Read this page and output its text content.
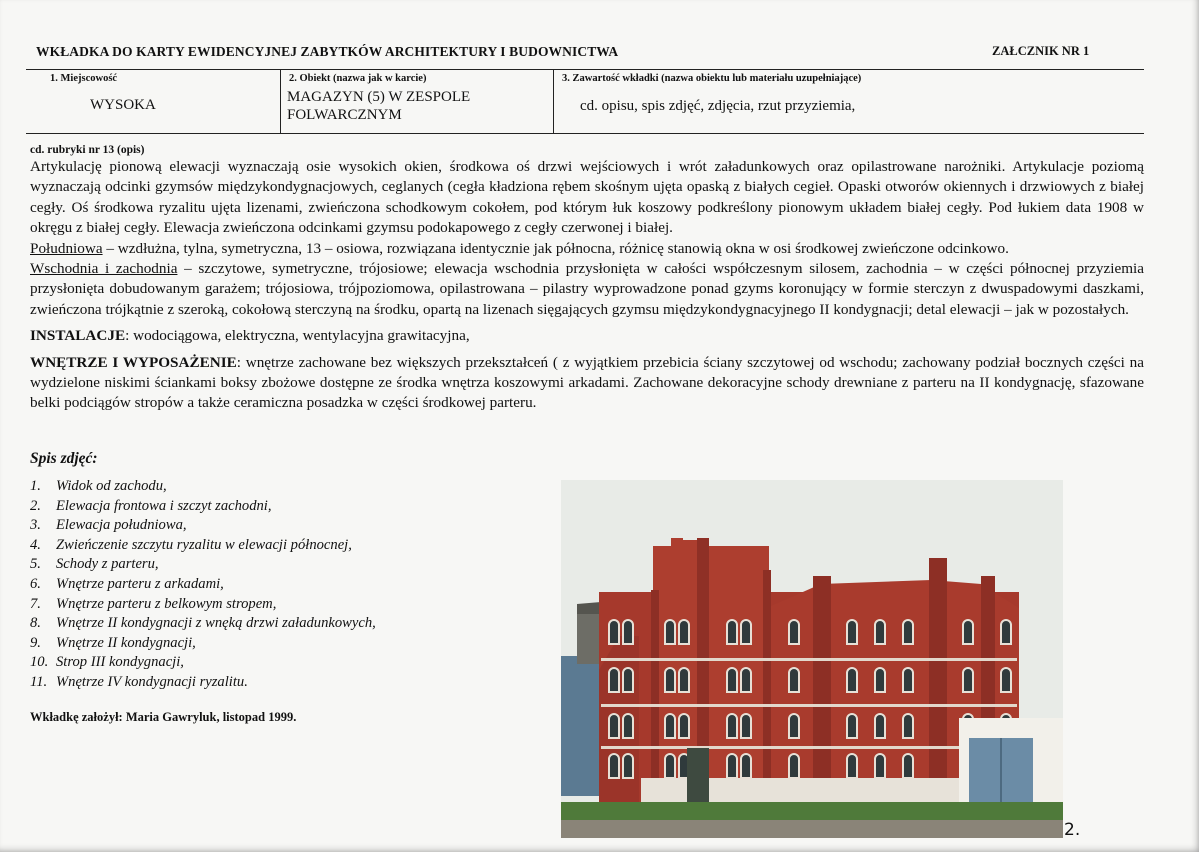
WKŁADKA DO KARTY EWIDENCYJNEJ ZABYTKÓW ARCHITEKTURY I BUDOWNICTWA	ZAŁCZNIK NR 1
1. Miejscowość
WYSOKA
2. Obiekt (nazwa jak w karcie)
MAGAZYN (5) W ZESPOLE FOLWARCZNYM
3. Zawartość wkładki (nazwa obiektu lub materiału uzupełniające)
cd. opisu, spis zdjęć, zdjęcia, rzut przyziemia,
cd. rubryki nr 13 (opis)

Artykulację pionową elewacji wyznaczają osie wysokich okien, środkowa oś drzwi wejściowych i wrót załadunkowych oraz opilastrowane narożniki. Artykulacje poziomą wyznaczają odcinki gzymsów międzykondygnacjowych, ceglanych (cegła kładziona rębem skośnym ujęta opaską z białych cegieł. Opaski otworów okiennych i drzwiowych z białej cegły. Oś środkowa ryzalitu ujęta lizenami, zwieńczona schodkowym cokołem, pod którym łuk koszowy podkreślony pionowym układem białej cegły. Pod łukiem data 1908 w okręgu z białej cegły. Elewacja zwieńczona odcinkami gzymsu podokapowego z cegły czerwonej i białej.
Południowa – wzdłużna, tylna, symetryczna, 13 – osiowa, rozwiązana identycznie jak północna, różnicę stanowią okna w osi środkowej zwieńczone odcinkowo.
Wschodnia i zachodnia – szczytowe, symetryczne, trójosiowe; elewacja wschodnia przysłonięta w całości współczesnym silosem, zachodnia – w części północnej przyziemia przysłonięta dobudowanym garażem; trójosiowa, trójpoziomowa, opilastrowana – pilastry wyprowadzone ponad gzyms koronujący w formie sterczyn z dwuspadowymi daszkami, zwieńczona trójkątnie z szeroką, cokołową sterczyną na środku, opartą na lizenach sięgających gzymsu międzykondygnacyjnego II kondygnacji; detal elewacji – jak w pozostałych.

INSTALACJE: wodociągowa, elektryczna, wentylacyjna grawitacyjna,

WNĘTRZE I WYPOSAŻENIE: wnętrze zachowane bez większych przekształceń ( z wyjątkiem przebicia ściany szczytowej od wschodu; zachowany podział bocznych części na wydzielone niskimi ściankami boksy zbożowe dostępne ze środka wnętrza koszowymi arkadami. Zachowane dekoracyjne schody drewniane z parteru na II kondygnację, sfazowane belki podciągów stropów a także ceramiczna posadzka w części środkowej parteru.

Spis zdjęć:
1.	Widok od zachodu,
2.	Elewacja frontowa i szczyt zachodni,
3.	Elewacja południowa,
4.	Zwieńczenie szczytu ryzalitu w elewacji północnej,
5.	Schody z parteru,
6.	Wnętrze parteru z arkadami,
7.	Wnętrze parteru z belkowym stropem,
8.	Wnętrze II kondygnacji z wnęką drzwi załadunkowych,
9.	Wnętrze II kondygnacji,
10. Strop III kondygnacji,
11. Wnętrze IV kondygnacji ryzalitu.
Wkładkę założył: Maria Gawryluk, listopad 1999.
2.
